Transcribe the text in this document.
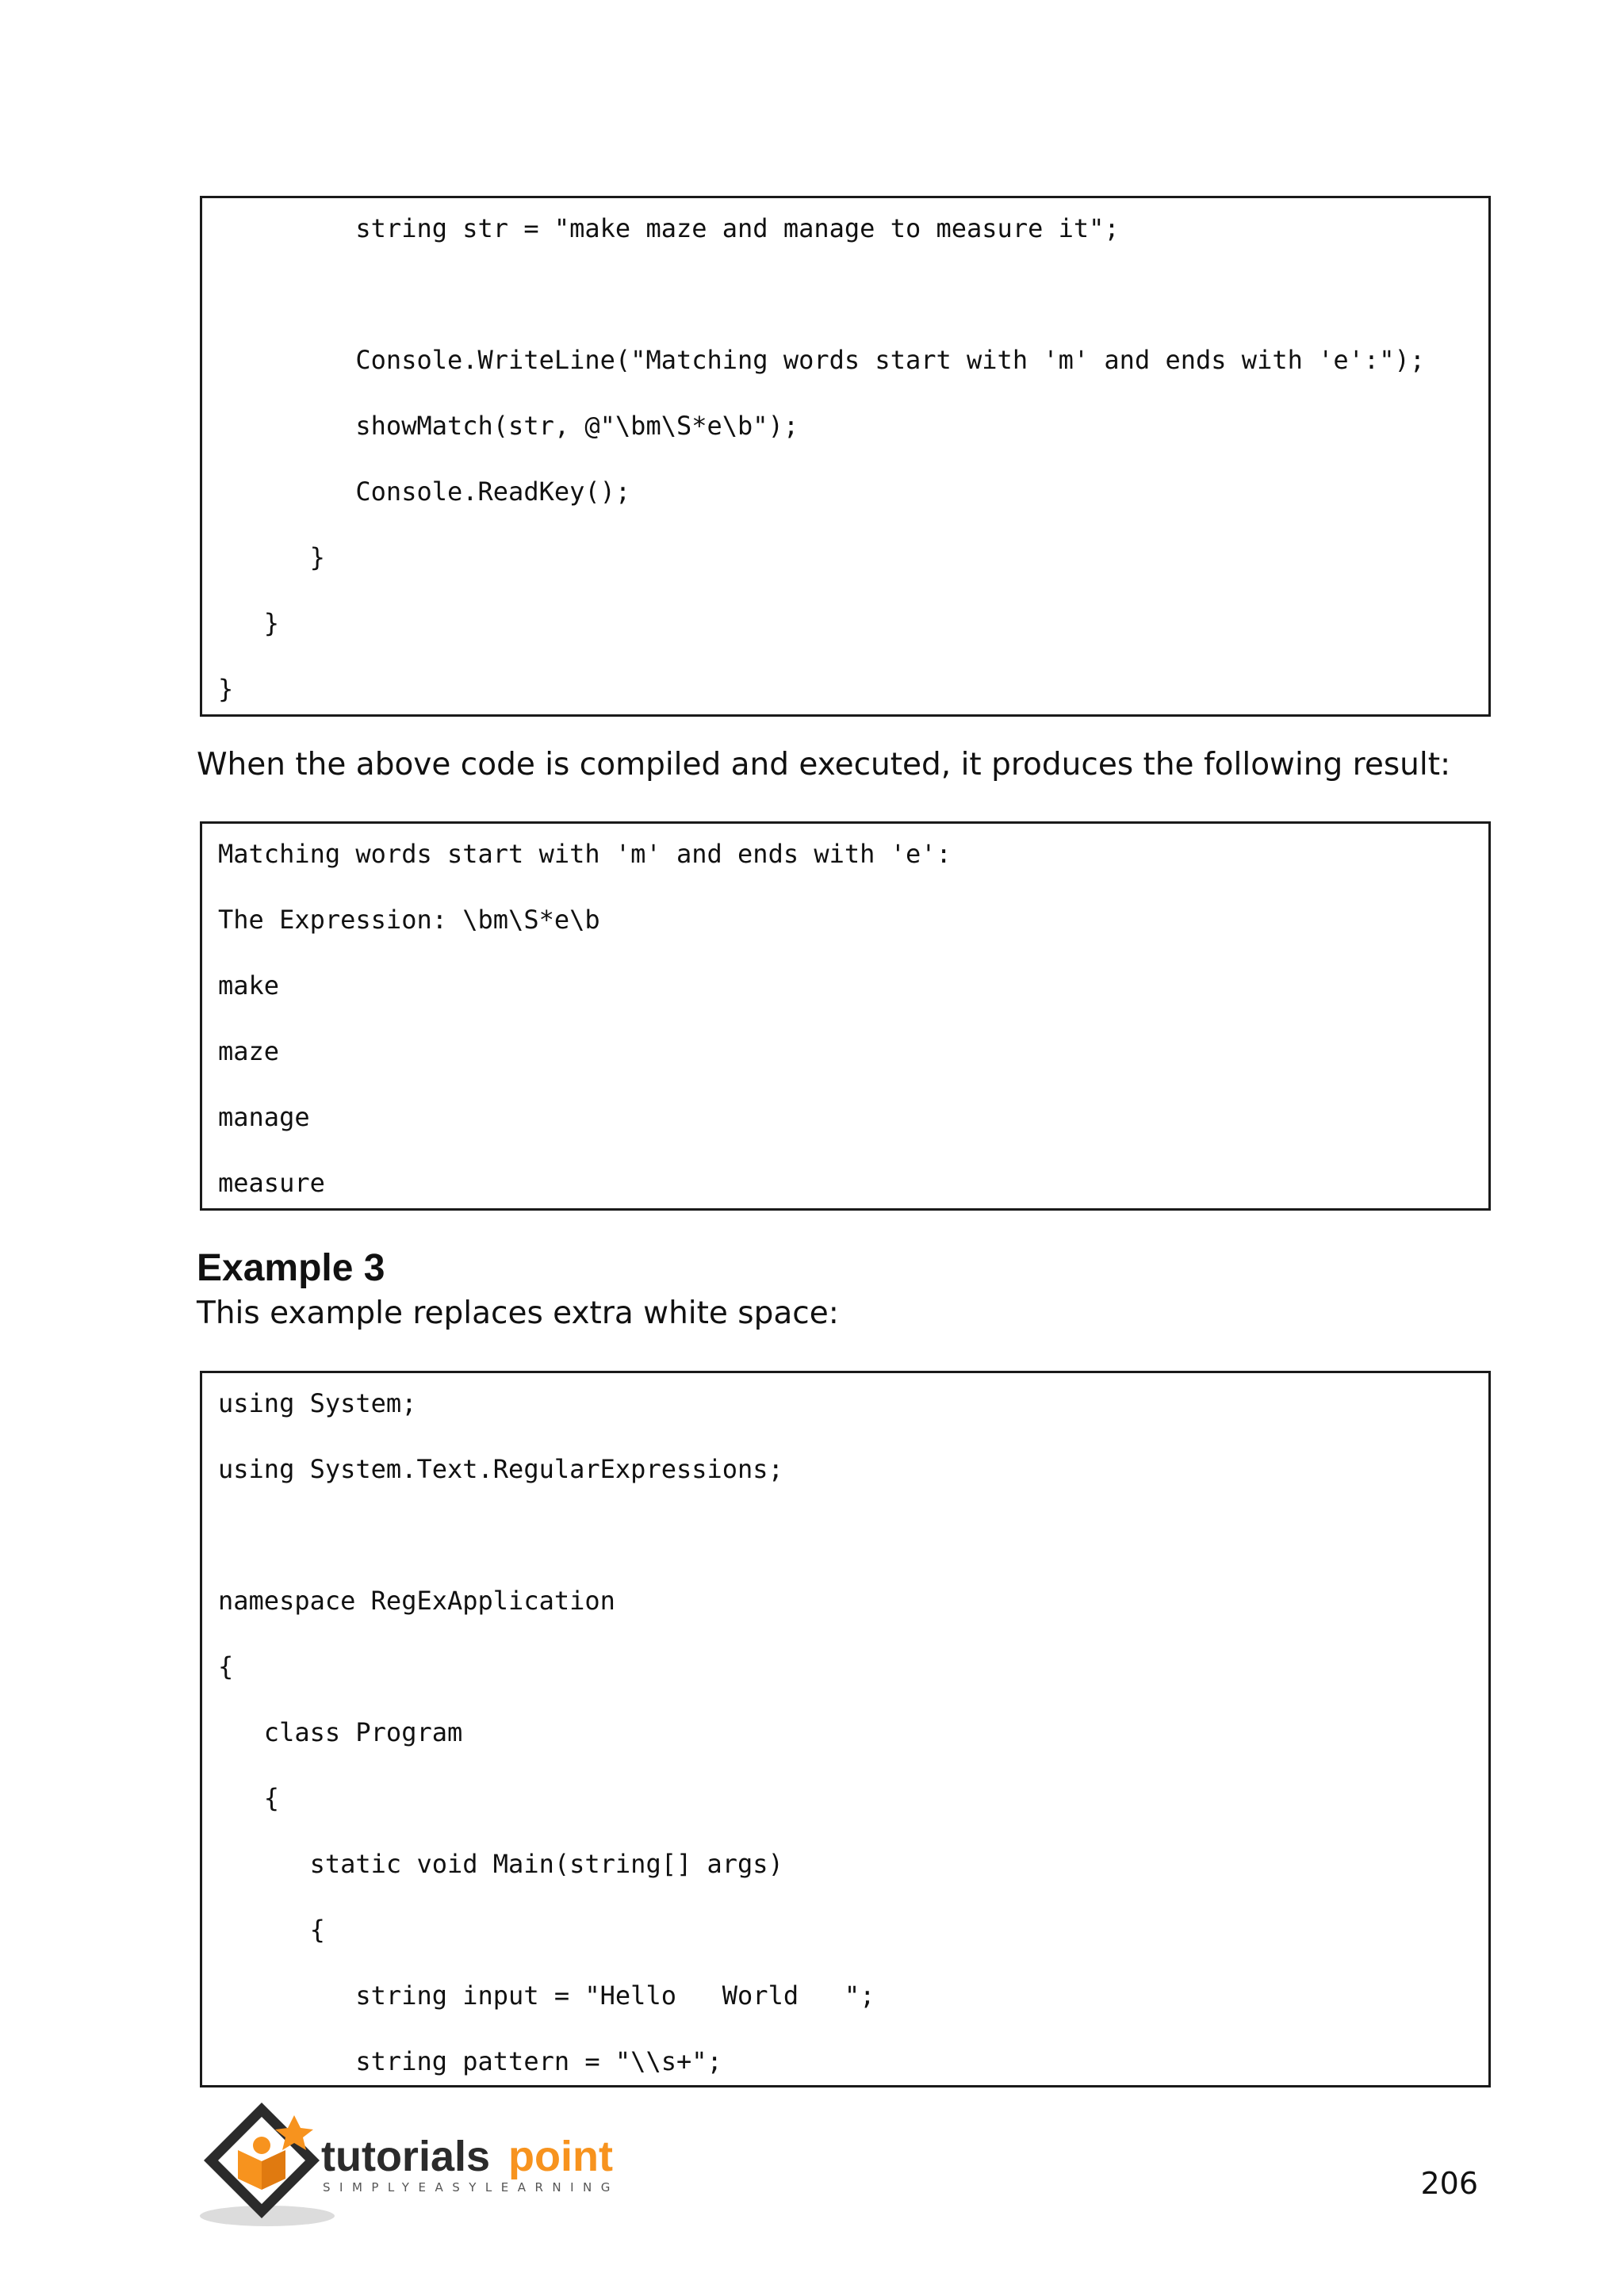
string str = "make maze and manage to measure it";
Console.WriteLine("Matching words start with 'm' and ends with 'e':");
showMatch(str, @"\bm\S*e\b");
Console.ReadKey();
}
}
}
When the above code is compiled and executed, it produces the following result:
Matching words start with 'm' and ends with 'e':
The Expression: \bm\S*e\b
make
maze
manage
measure
Example 3
This example replaces extra white space:
using System;
using System.Text.RegularExpressions;
namespace RegExApplication
{
class Program
{
static void Main(string[] args)
{
string input = "Hello   World   ";
string pattern = "\\s+";
tutorials point
SIMPLYEASYLEARNING	206
